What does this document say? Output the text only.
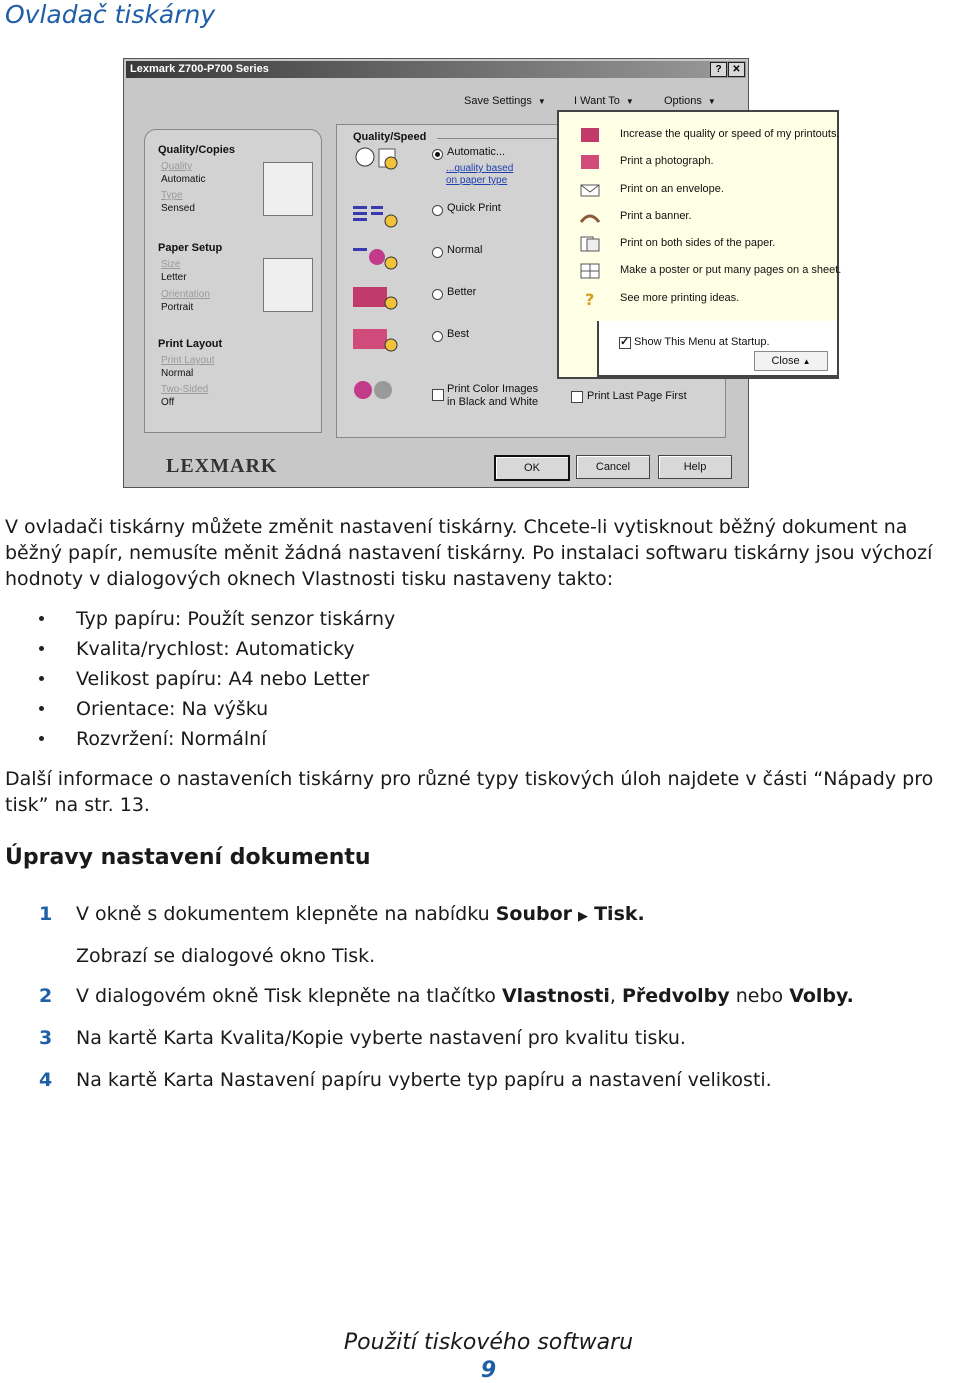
Ovladač tiskárny
Lexmark Z700-P700 Series	?	✕
Save Settings ▼	I Want To ▼	Options ▼
Quality/Copies
Quality
Automatic
Type
Sensed
Paper Setup
Size
Letter
Orientation
Portrait
Print Layout
Print Layout
Normal
Two-Sided
Off
Quality/Speed
Automatic...
...quality based
on paper type
Quick Print
Normal
Better
Best
Print Color Images
in Black and White	Print Last Page First
Increase the quality or speed of my printouts.
Print a photograph.
Print on an envelope.
Print a banner.
Print on both sides of the paper.
Make a poster or put many pages on a sheet.
? See more printing ideas.
✓ Show This Menu at Startup.
Close ▲
LEXMARK	OK	Cancel	Help
V ovladači tiskárny můžete změnit nastavení tiskárny. Chcete-li vytisknout běžný dokument na
běžný papír, nemusíte měnit žádná nastavení tiskárny. Po instalaci softwaru tiskárny jsou výchozí
hodnoty v dialogových oknech Vlastnosti tisku nastaveny takto:
Typ papíru: Použít senzor tiskárny
Kvalita/rychlost: Automaticky
Velikost papíru: A4 nebo Letter
Orientace: Na výšku
Rozvržení: Normální
Další informace o nastaveních tiskárny pro různé typy tiskových úloh najdete v části “Nápady pro
tisk” na str. 13.
Úpravy nastavení dokumentu
1 V okně s dokumentem klepněte na nabídku Soubor ▶ Tisk.
Zobrazí se dialogové okno Tisk.
2 V dialogovém okně Tisk klepněte na tlačítko Vlastnosti, Předvolby nebo Volby.
3 Na kartě Karta Kvalita/Kopie vyberte nastavení pro kvalitu tisku.
4 Na kartě Karta Nastavení papíru vyberte typ papíru a nastavení velikosti.
Použití tiskového softwaru
9
